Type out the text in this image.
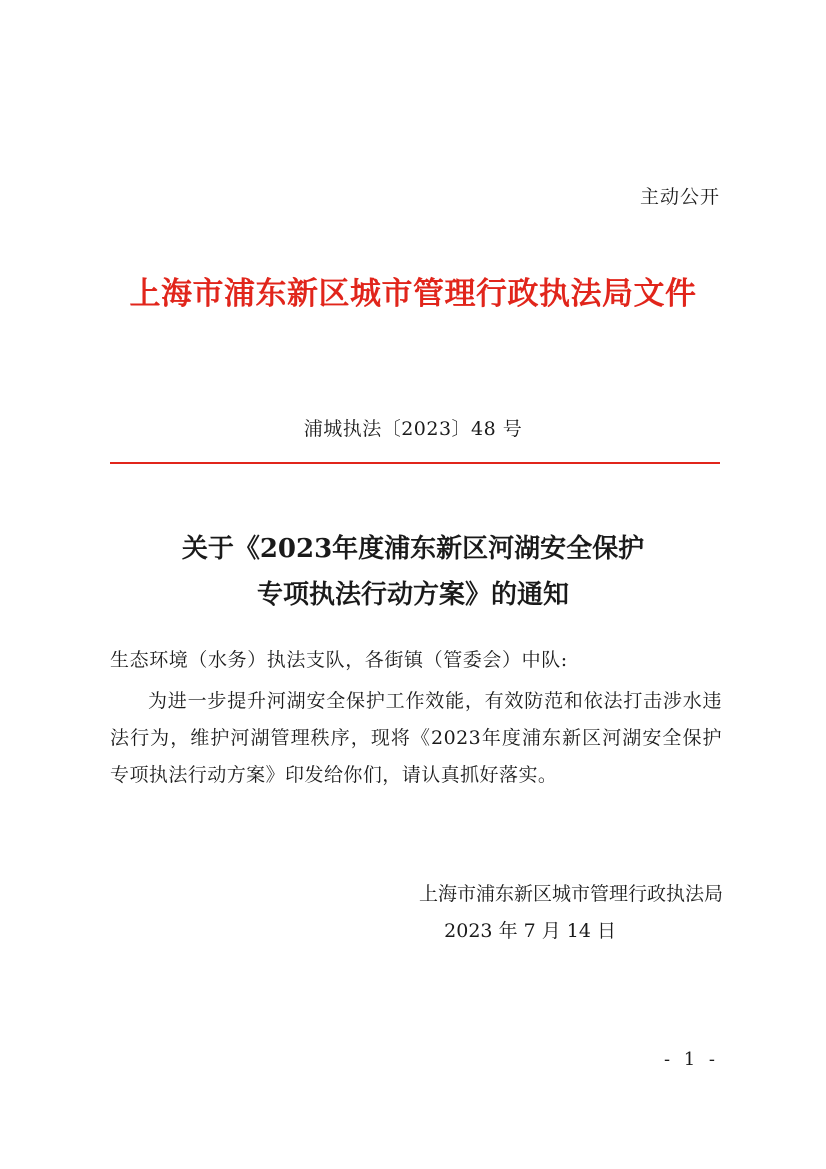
主动公开
上海市浦东新区城市管理行政执法局文件
浦城执法〔2023〕48 号
关于《2023年度浦东新区河湖安全保护
专项执法行动方案》的通知
生态环境（水务）执法支队，各街镇（管委会）中队:
为进一步提升河湖安全保护工作效能，有效防范和依法打击涉水违法行为，维护河湖管理秩序，现将《2023年度浦东新区河湖安全保护专项执法行动方案》印发给你们，请认真抓好落实。
上海市浦东新区城市管理行政执法局
2023 年 7 月 14 日
- 1 -
